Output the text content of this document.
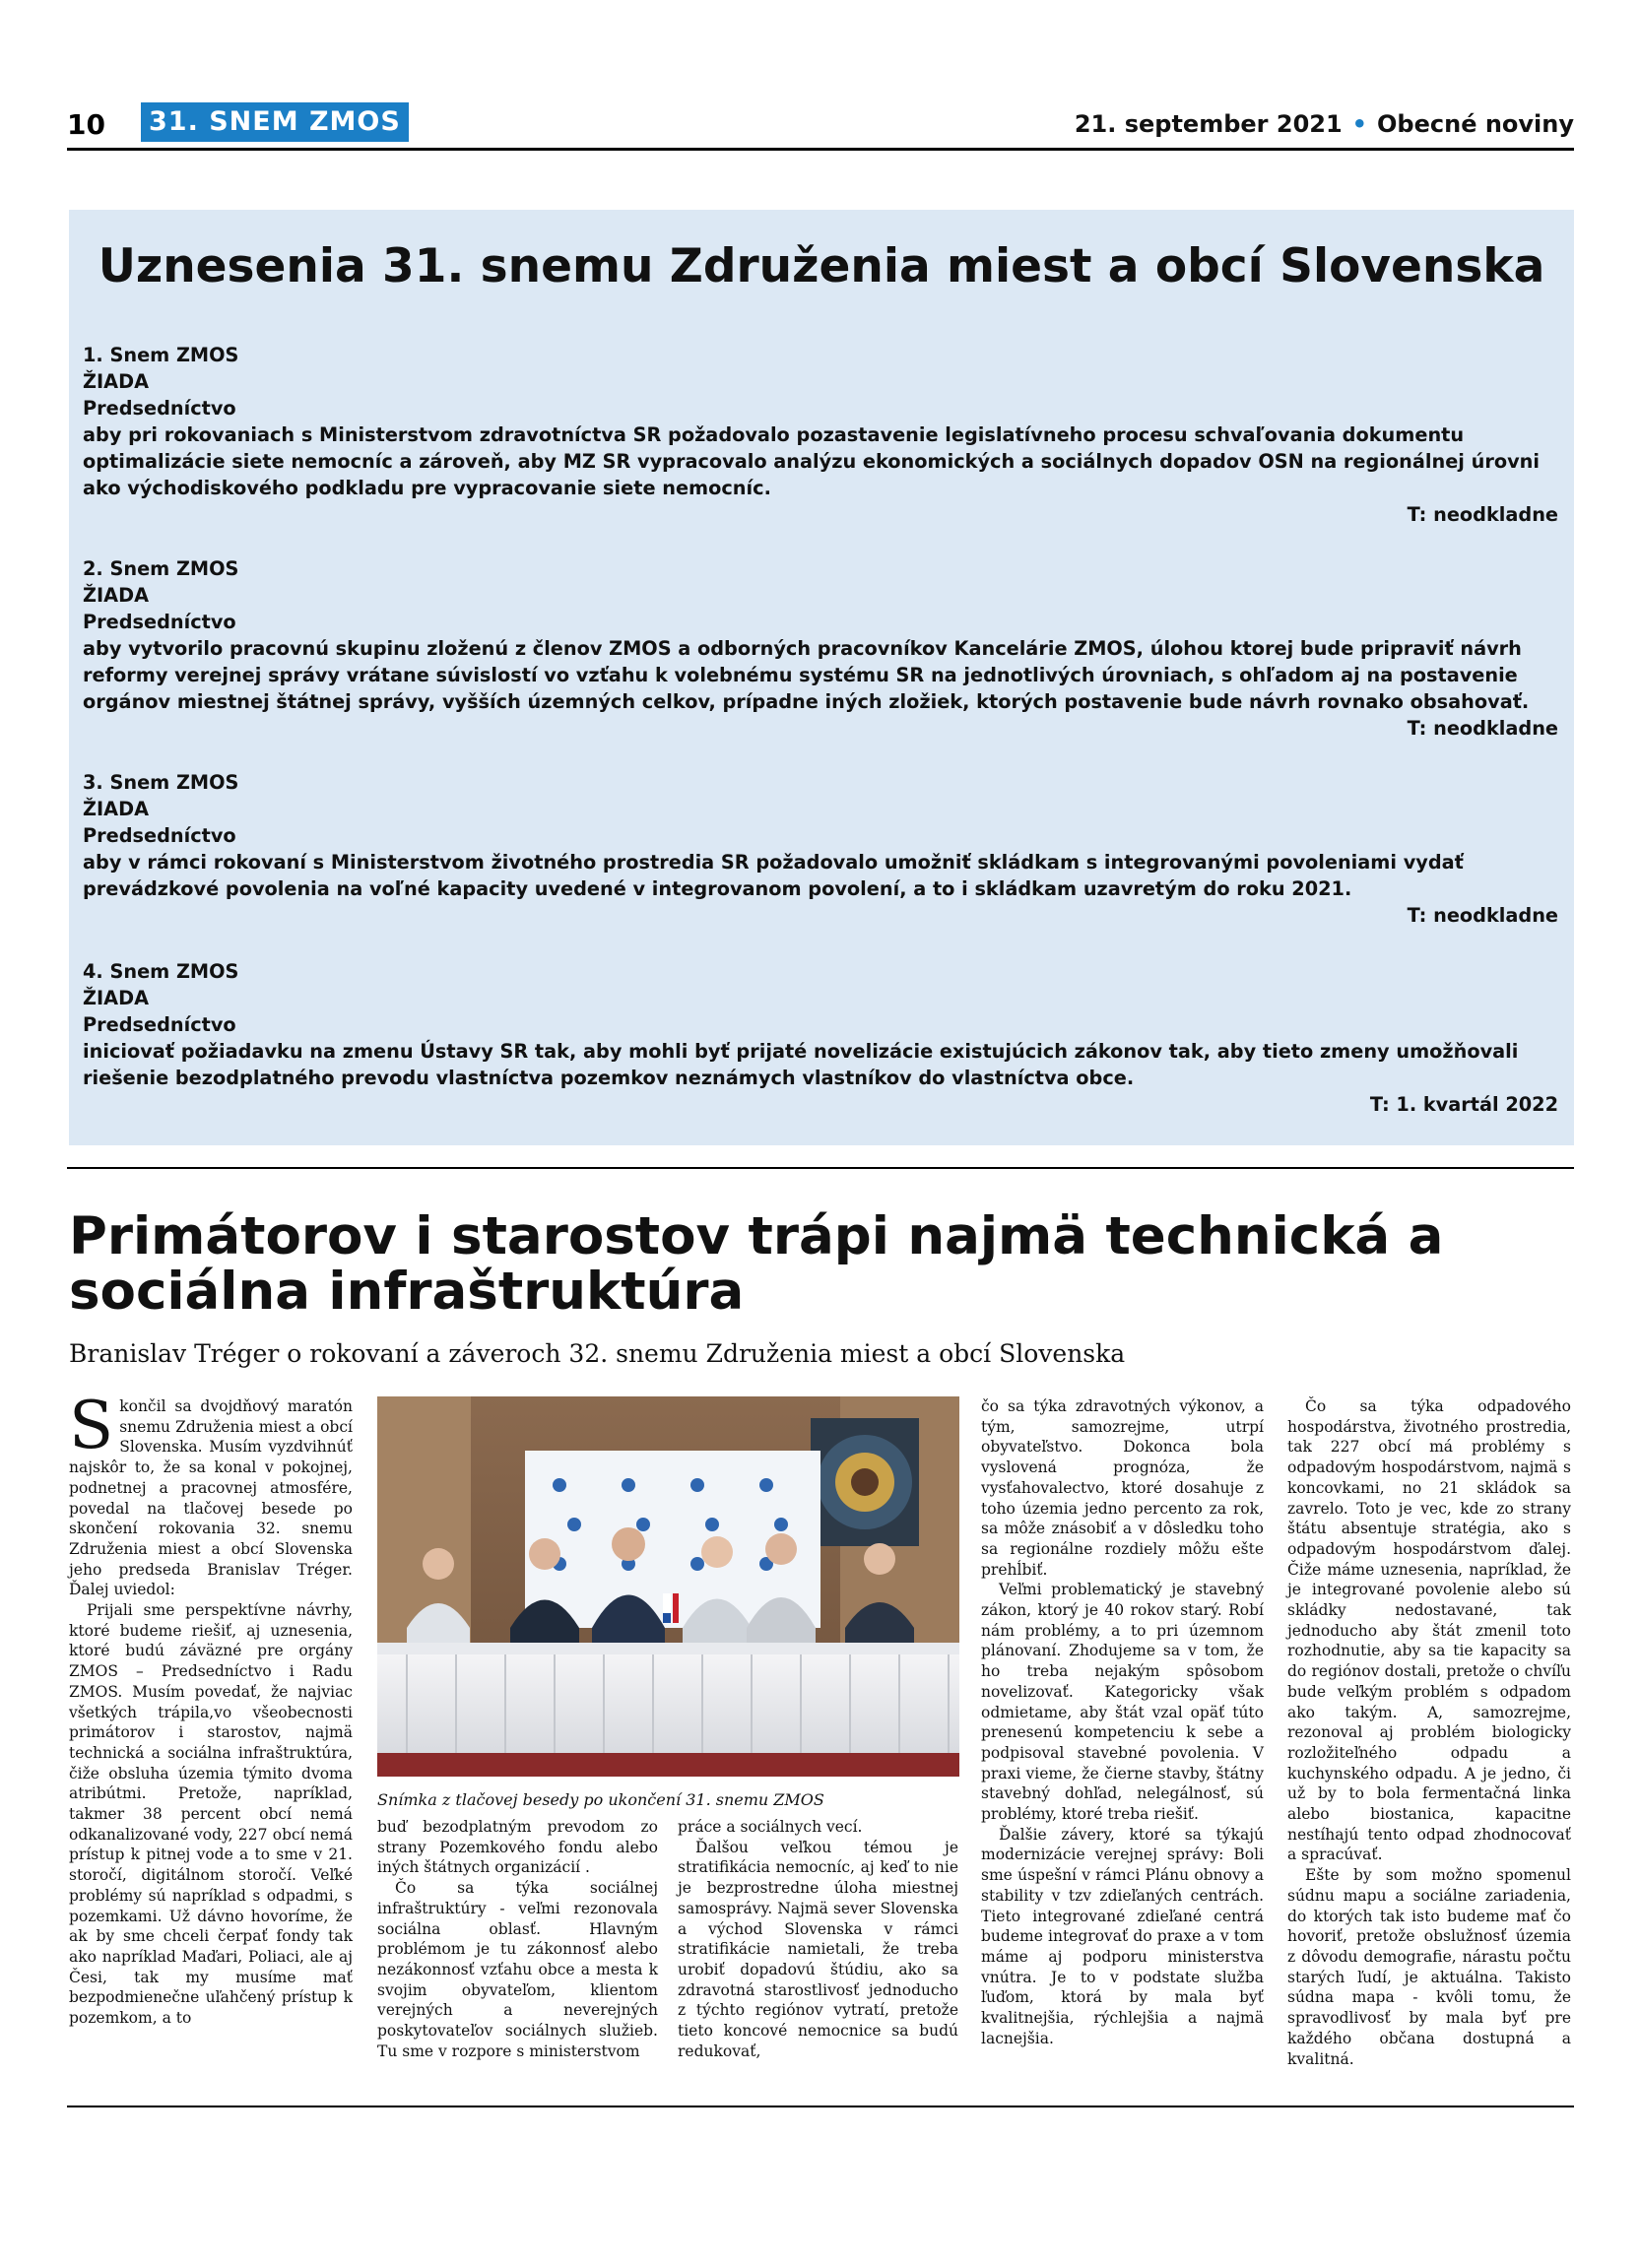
10 31. SNEM ZMOS	21. september 2021 • Obecné noviny
Uznesenia 31. snemu Združenia miest a obcí Slovenska
1. Snem ZMOS
ŽIADA
Predsedníctvo
aby pri rokovaniach s Ministerstvom zdravotníctva SR požadovalo pozastavenie legislatívneho procesu schvaľovania dokumentu optimalizácie siete nemocníc a zároveň, aby MZ SR vypracovalo analýzu ekonomických a sociálnych dopadov OSN na regionálnej úrovni ako východiskového podkladu pre vypracovanie siete nemocníc.
T: neodkladne
2. Snem ZMOS
ŽIADA
Predsedníctvo
aby vytvorilo pracovnú skupinu zloženú z členov ZMOS a odborných pracovníkov Kancelárie ZMOS, úlohou ktorej bude pripraviť návrh reformy verejnej správy vrátane súvislostí vo vzťahu k volebnému systému SR na jednotlivých úrovniach, s ohľadom aj na postavenie orgánov miestnej štátnej správy, vyšších územných celkov, prípadne iných zložiek, ktorých postavenie bude návrh rovnako obsahovať.
T: neodkladne
3. Snem ZMOS
ŽIADA
Predsedníctvo
aby v rámci rokovaní s Ministerstvom životného prostredia SR požadovalo umožniť skládkam s integrovanými povoleniami vydať prevádzkové povolenia na voľné kapacity uvedené v integrovanom povolení, a to i skládkam uzavretým do roku 2021.
T: neodkladne
4. Snem ZMOS
ŽIADA
Predsedníctvo
iniciovať požiadavku na zmenu Ústavy SR tak, aby mohli byť prijaté novelizácie existujúcich zákonov tak, aby tieto zmeny umožňovali riešenie bezodplatného prevodu vlastníctva pozemkov neznámych vlastníkov do vlastníctva obce.
T: 1. kvartál 2022
Primátorov i starostov trápi najmä technická a sociálna infraštruktúra
Branislav Tréger o rokovaní a záveroch 32. snemu Združenia miest a obcí Slovenska

Skončil sa dvojdňový maratón snemu Združenia miest a obcí Slovenska. Musím vyzdvihnúť najskôr to, že sa konal v pokojnej, podnetnej a pracovnej atmosfére, povedal na tlačovej besede po skončení rokovania 32. snemu Združenia miest a obcí Slovenska jeho predseda Branislav Tréger. Ďalej uviedol:

Prijali sme perspektívne návrhy, ktoré budeme riešiť, aj uznesenia, ktoré budú záväzné pre orgány ZMOS – Predsedníctvo i Radu ZMOS. Musím povedať, že najviac všetkých trápila,vo všeobecnosti primátorov i starostov, najmä technická a sociálna infraštruktúra, čiže obsluha územia týmito dvoma atribútmi. Pretože, napríklad, takmer 38 percent obcí nemá odkanalizované vody, 227 obcí nemá prístup k pitnej vode a to sme v 21. storočí, digitálnom storočí. Veľké problémy sú napríklad s odpadmi, s pozemkami. Už dávno hovoríme, že ak by sme chceli čerpať fondy tak ako napríklad Maďari, Poliaci, ale aj Česi, tak my musíme mať bezpodmienečne uľahčený prístup k pozemkom, a to

Snímka z tlačovej besedy po ukončení 31. snemu ZMOS

buď bezodplatným prevodom zo strany Pozemkového fondu alebo iných štátnych organizácií .

Čo sa týka sociálnej infraštruktúry - veľmi rezonovala sociálna oblasť. Hlavným problémom je tu zákonnosť alebo nezákonnosť vzťahu obce a mesta k svojim obyvateľom, klientom verejných a neverejných poskytovateľov sociálnych služieb. Tu sme v rozpore s ministerstvom

práce a sociálnych vecí.

Ďalšou veľkou témou je stratifikácia nemocníc, aj keď to nie je bezprostredne úloha miestnej samosprávy. Najmä sever Slovenska a východ Slovenska v rámci stratifikácie namietali, že treba urobiť dopadovú štúdiu, ako sa zdravotná starostlivosť jednoducho z týchto regiónov vytratí, pretože tieto koncové nemocnice sa budú redukovať,

čo sa týka zdravotných výkonov, a tým, samozrejme, utrpí obyvateľstvo. Dokonca bola vyslovená prognóza, že vysťahovalectvo, ktoré dosahuje z toho územia jedno percento za rok, sa môže znásobiť a v dôsledku toho sa regionálne rozdiely môžu ešte prehĺbiť.

Veľmi problematický je stavebný zákon, ktorý je 40 rokov starý. Robí nám problémy, a to pri územnom plánovaní. Zhodujeme sa v tom, že ho treba nejakým spôsobom novelizovať. Kategoricky však odmietame, aby štát vzal opäť túto prenesenú kompetenciu k sebe a podpisoval stavebné povolenia. V praxi vieme, že čierne stavby, štátny stavebný dohľad, nelegálnosť, sú problémy, ktoré treba riešiť.

Ďalšie závery, ktoré sa týkajú modernizácie verejnej správy: Boli sme úspešní v rámci Plánu obnovy a stability v tzv zdieľaných centrách. Tieto integrované zdieľané centrá budeme integrovať do praxe a v tom máme aj podporu ministerstva vnútra. Je to v podstate služba ľuďom, ktorá by mala byť kvalitnejšia, rýchlejšia a najmä lacnejšia.

Čo sa týka odpadového hospodárstva, životného prostredia, tak 227 obcí má problémy s odpadovým hospodárstvom, najmä s koncovkami, no 21 skládok sa zavrelo. Toto je vec, kde zo strany štátu absentuje stratégia, ako s odpadovým hospodárstvom ďalej. Čiže máme uznesenia, napríklad, že je integrované povolenie alebo sú skládky nedostavané, tak jednoducho aby štát zmenil toto rozhodnutie, aby sa tie kapacity sa do regiónov dostali, pretože o chvíľu bude veľkým problém s odpadom ako takým. A, samozrejme, rezonoval aj problém biologicky rozložiteľného odpadu a kuchynského odpadu. A je jedno, či už by to bola fermentačná linka alebo biostanica, kapacitne nestíhajú tento odpad zhodnocovať a spracúvať.

Ešte by som možno spomenul súdnu mapu a sociálne zariadenia, do ktorých tak isto budeme mať čo hovoriť, pretože obslužnosť územia z dôvodu demografie, nárastu počtu starých ľudí, je aktuálna. Takisto súdna mapa - kvôli tomu, že spravodlivosť by mala byť pre každého občana dostupná a kvalitná.
